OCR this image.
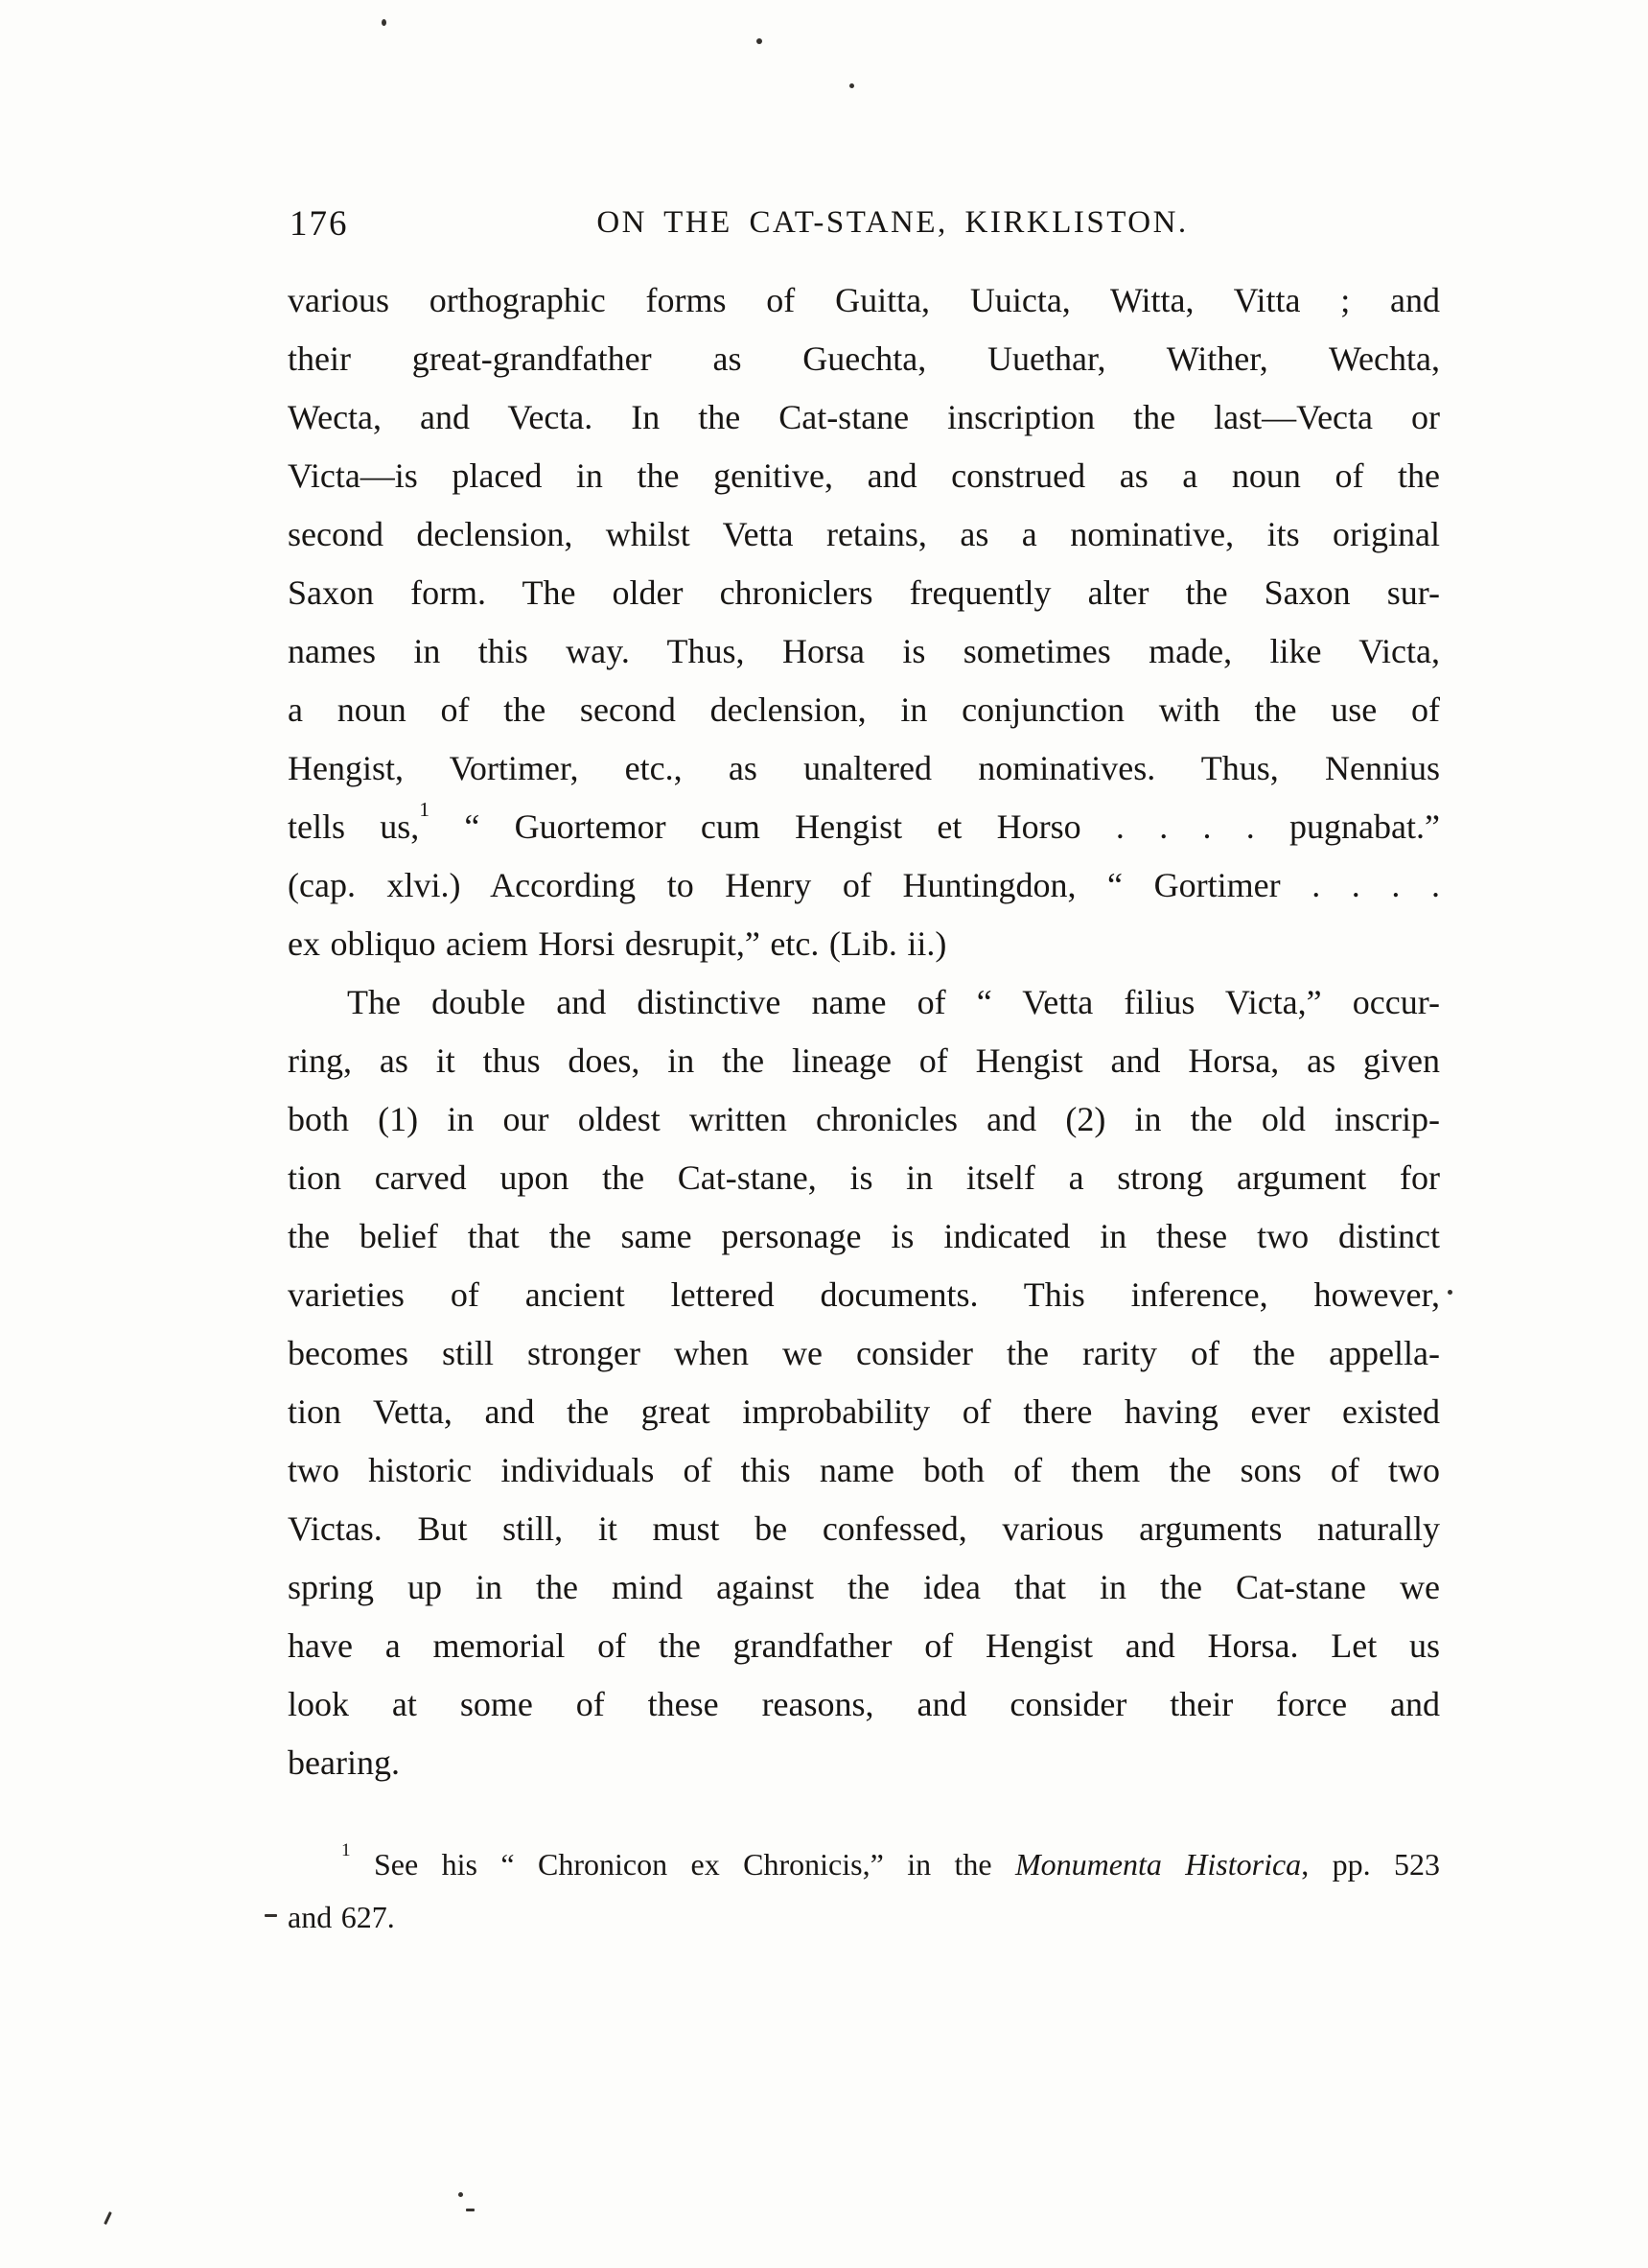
176	ON THE CAT-STANE, KIRKLISTON.
various orthographic forms of Guitta, Uuicta, Witta, Vitta ; and
their great-grandfather as Guechta, Uuethar, Wither, Wechta,
Wecta, and Vecta. In the Cat-stane inscription the last—Vecta or
Victa—is placed in the genitive, and construed as a noun of the
second declension, whilst Vetta retains, as a nominative, its original
Saxon form. The older chroniclers frequently alter the Saxon sur-
names in this way. Thus, Horsa is sometimes made, like Victa,
a noun of the second declension, in conjunction with the use of
Hengist, Vortimer, etc., as unaltered nominatives. Thus, Nennius
tells us,$^1$ “ Guortemor cum Hengist et Horso . . . . pugnabat.”
(cap. xlvi.) According to Henry of Huntingdon, “ Gortimer . . . .
ex obliquo aciem Horsi desrupit,” etc. (Lib. ii.)
The double and distinctive name of “ Vetta filius Victa,” occur-
ring, as it thus does, in the lineage of Hengist and Horsa, as given
both (1) in our oldest written chronicles and (2) in the old inscrip-
tion carved upon the Cat-stane, is in itself a strong argument for
the belief that the same personage is indicated in these two distinct
varieties of ancient lettered documents. This inference, however,
becomes still stronger when we consider the rarity of the appella-
tion Vetta, and the great improbability of there having ever existed
two historic individuals of this name both of them the sons of two
Victas. But still, it must be confessed, various arguments naturally
spring up in the mind against the idea that in the Cat-stane we
have a memorial of the grandfather of Hengist and Horsa. Let us
look at some of these reasons, and consider their force and
bearing.
$^1$ See his “ Chronicon ex Chronicis,” in the Monumenta Historica, pp. 523
and 627.
